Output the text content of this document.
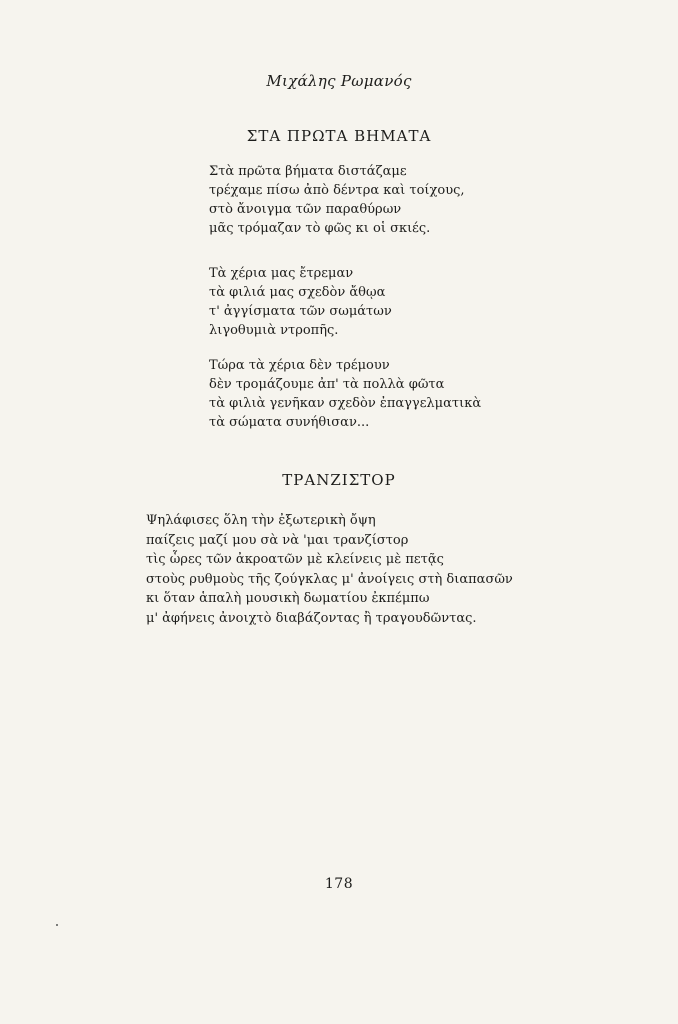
Μιχάλης Ρωμανός
ΣΤΑ ΠΡΩΤΑ ΒΗΜΑΤΑ
Στὰ πρῶτα βήματα διστάζαμε
τρέχαμε πίσω ἀπὸ δέντρα καὶ τοίχους,
στὸ ἄνοιγμα τῶν παραθύρων
μᾶς τρόμαζαν τὸ φῶς κι οἱ σκιές.
Τὰ χέρια μας ἔτρεμαν
τὰ φιλιά μας σχεδὸν ἄθῳα
τ' ἀγγίσματα τῶν σωμάτων
λιγοθυμιὰ ντροπῆς.
Τώρα τὰ χέρια δὲν τρέμουν
δὲν τρομάζουμε ἀπ' τὰ πολλὰ φῶτα
τὰ φιλιὰ γενῆκαν σχεδὸν ἐπαγγελματικὰ
τὰ σώματα συνήθισαν...
ΤΡΑΝΖΙΣΤΟΡ
Ψηλάφισες ὅλη τὴν ἐξωτερικὴ ὄψη
παίζεις μαζί μου σὰ νὰ 'μαι τρανζίστορ
τὶς ὧρες τῶν ἀκροατῶν μὲ κλείνεις μὲ πετᾷς
στοὺς ρυθμοὺς τῆς ζούγκλας μ' ἀνοίγεις στὴ διαπασῶν
κι ὅταν ἁπαλὴ μουσικὴ δωματίου ἐκπέμπω
μ' ἀφήνεις ἀνοιχτὸ διαβάζοντας ἢ τραγουδῶντας.
178
